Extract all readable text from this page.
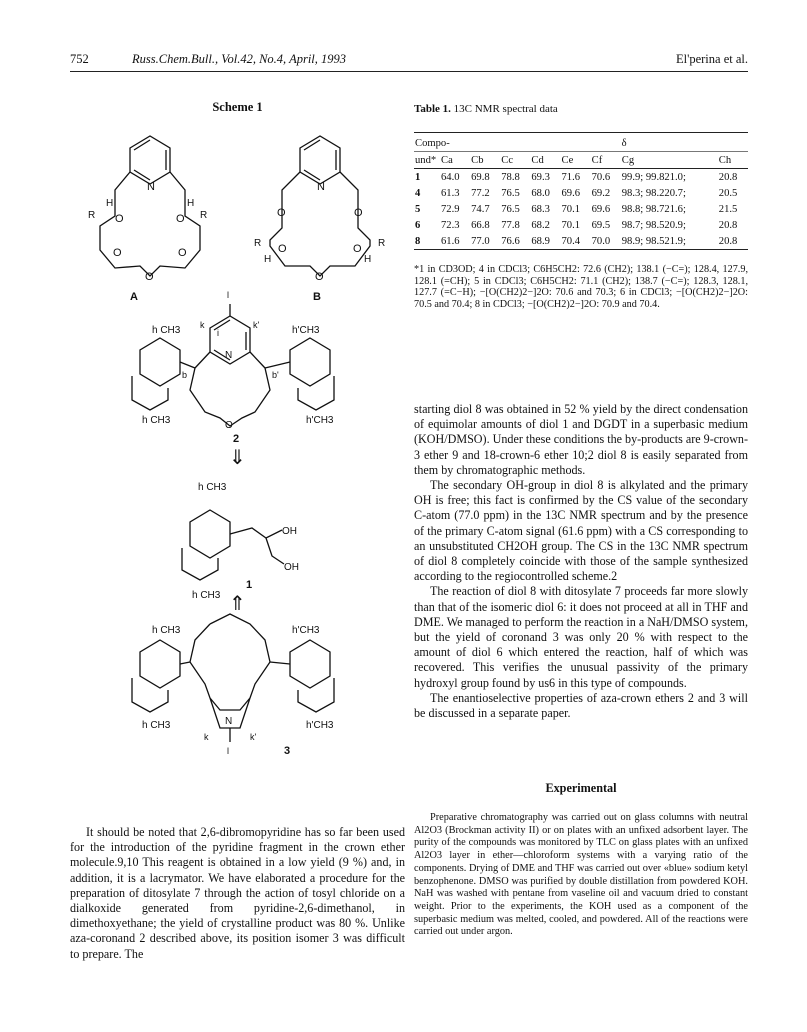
752	Russ.Chem.Bull., Vol.42, No.4, April, 1993	El'perina et al.
Scheme 1
N
O	O
O	O
O
H	H
R	R
A
N
O	O
O	O
O
R	R
H	H
B
N
i
l
k	k'
b	b'
O
h CH3	h'CH3
h CH3	h'CH3
2
⇓
h CH3
OH
OH
h CH3
1
⇑
h CH3	h'CH3
N
h CH3	h'CH3
k	k'
l	3
Table 1. 13C NMR spectral data
Compo-			δ					
und*	Ca	Cb	Cc	Cd	Ce	Cf	Cg	Ch
1	64.0	69.8	78.8	69.3	71.6	70.6	99.9; 99.821.0;	20.8
4	61.3	77.2	76.5	68.0	69.6	69.2	98.3; 98.220.7;	20.5
5	72.9	74.7	76.5	68.3	70.1	69.6	98.8; 98.721.6;	21.5
6	72.3	66.8	77.8	68.2	70.1	69.5	98.7; 98.520.9;	20.8
8	61.6	77.0	76.6	68.9	70.4	70.0	98.9; 98.521.9;	20.8
*1 in CD3OD; 4 in CDCl3; C6H5CH2: 72.6 (CH2); 138.1 (−C=); 128.4, 127.9, 128.1 (=CH); 5 in CDCl3; C6H5CH2: 71.1 (CH2); 138.7 (−C=); 128.3, 128.1, 127.7 (=C−H); −[O(CH2)2−]2O: 70.6 and 70.3; 6 in CDCl3; −[O(CH2)2−]2O: 70.5 and 70.4; 8 in CDCl3; −[O(CH2)2−]2O: 70.9 and 70.4.

starting diol 8 was obtained in 52 % yield by the direct condensation of equimolar amounts of diol 1 and DGDT in a superbasic medium (KOH/DMSO). Under these conditions the by-products are 9-crown-3 ether 9 and 18-crown-6 ether 10;2 diol 8 is easily separated from them by chromatographic methods.

The secondary OH-group in diol 8 is alkylated and the primary OH is free; this fact is confirmed by the CS value of the secondary C-atom (77.0 ppm) in the 13C NMR spectrum and by the presence of the primary C-atom signal (61.6 ppm) with a CS corresponding to an unsubstituted CH2OH group. The CS in the 13C NMR spectrum of diol 8 completely coincide with those of the sample synthesized according to the regiocontrolled scheme.2

The reaction of diol 8 with ditosylate 7 proceeds far more slowly than that of the isomeric diol 6: it does not proceed at all in THF and DME. We managed to perform the reaction in a NaH/DMSO system, but the yield of coronand 3 was only 20 % with respect to the amount of diol 6 which entered the reaction, half of which was recovered. This verifies the unusual passivity of the primary hydroxyl group found by us6 in this type of compounds.

The enantioselective properties of aza-crown ethers 2 and 3 will be discussed in a separate paper.

Experimental
Preparative chromatography was carried out on glass columns with neutral Al2O3 (Brockman activity II) or on plates with an unfixed adsorbent layer. The purity of the compounds was monitored by TLC on glass plates with an unfixed Al2O3 layer in ether—chloroform systems with a varying ratio of the components. Drying of DME and THF was carried out over «blue» sodium ketyl benzophenone. DMSO was purified by double distillation from powdered KOH. NaH was washed with pentane from vaseline oil and vacuum dried to constant weight. Prior to the experiments, the KOH used as a component of the superbasic medium was melted, cooled, and powdered. All of the reactions were carried out under argon.
It should be noted that 2,6-dibromopyridine has so far been used for the introduction of the pyridine fragment in the crown ether molecule.9,10 This reagent is obtained in a low yield (9 %) and, in addition, it is a lacrymator. We have elaborated a procedure for the preparation of ditosylate 7 through the action of tosyl chloride on a dialkoxide generated from pyridine-2,6-dimethanol, in dimethoxyethane; the yield of crystalline product was 80 %. Unlike aza-coronand 2 described above, its position isomer 3 was difficult to prepare. The
